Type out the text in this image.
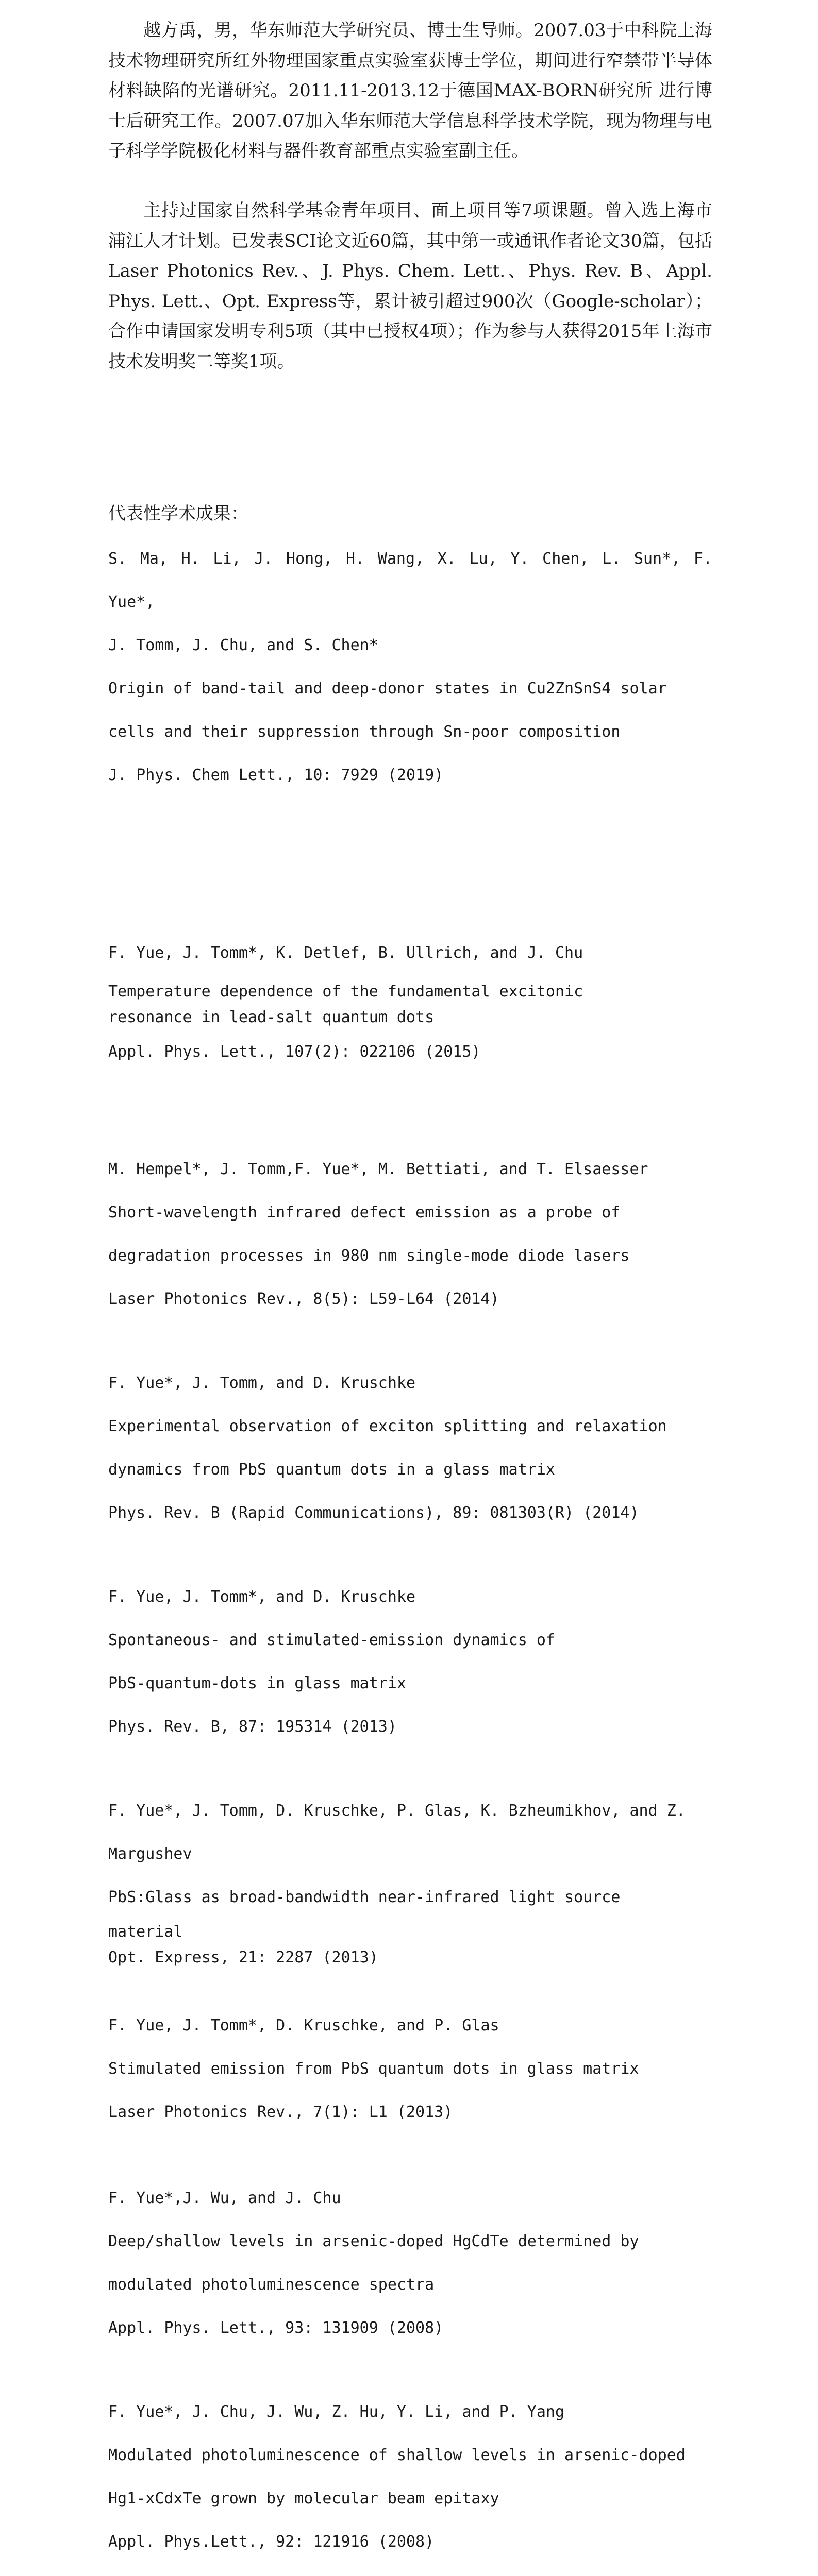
越方禹，男，华东师范大学研究员、博士生导师。2007.03于中科院上海技术物理研究所红外物理国家重点实验室获博士学位，期间进行窄禁带半导体材料缺陷的光谱研究。2011.11-2013.12于德国MAX-BORN研究所 进行博士后研究工作。2007.07加入华东师范大学信息科学技术学院，现为物理与电子科学学院极化材料与器件教育部重点实验室副主任。

主持过国家自然科学基金青年项目、面上项目等7项课题。曾入选上海市浦江人才计划。已发表SCI论文近60篇，其中第一或通讯作者论文30篇，包括Laser Photonics Rev.、J. Phys. Chem. Lett.、Phys. Rev. B、Appl. Phys. Lett.、Opt. Express等，累计被引超过900次（Google-scholar）；合作申请国家发明专利5项（其中已授权4项）；作为参与人获得2015年上海市技术发明奖二等奖1项。

代表性学术成果：

S. Ma, H. Li, J. Hong, H. Wang, X. Lu, Y. Chen, L. Sun*, F. Yue*,
J. Tomm, J. Chu, and S. Chen*
Origin of band-tail and deep-donor states in Cu2ZnSnS4 solar
cells and their suppression through Sn-poor composition
J. Phys. Chem Lett., 10: 7929 (2019)
F. Yue, J. Tomm*, K. Detlef, B. Ullrich, and J. Chu
Temperature dependence of the fundamental excitonic
resonance in lead-salt quantum dots
Appl. Phys. Lett., 107(2): 022106 (2015)
M. Hempel*, J. Tomm,F. Yue*, M. Bettiati, and T. Elsaesser
Short-wavelength infrared defect emission as a probe of
degradation processes in 980 nm single-mode diode lasers
Laser Photonics Rev., 8(5): L59-L64 (2014)
F. Yue*, J. Tomm, and D. Kruschke
Experimental observation of exciton splitting and relaxation
dynamics from PbS quantum dots in a glass matrix
Phys. Rev. B (Rapid Communications), 89: 081303(R) (2014)
F. Yue, J. Tomm*, and D. Kruschke
Spontaneous- and stimulated-emission dynamics of
PbS-quantum-dots in glass matrix
Phys. Rev. B, 87: 195314 (2013)
F. Yue*, J. Tomm, D. Kruschke, P. Glas, K. Bzheumikhov, and Z.
Margushev
PbS:Glass as broad-bandwidth near-infrared light source
material
Opt. Express, 21: 2287 (2013)
F. Yue, J. Tomm*, D. Kruschke, and P. Glas
Stimulated emission from PbS quantum dots in glass matrix
Laser Photonics Rev., 7(1): L1 (2013)
F. Yue*,J. Wu, and J. Chu
Deep/shallow levels in arsenic-doped HgCdTe determined by
modulated photoluminescence spectra
Appl. Phys. Lett., 93: 131909 (2008)
F. Yue*, J. Chu, J. Wu, Z. Hu, Y. Li, and P. Yang
Modulated photoluminescence of shallow levels in arsenic-doped
Hg1-xCdxTe grown by molecular beam epitaxy
Appl. Phys.Lett., 92: 121916 (2008)
